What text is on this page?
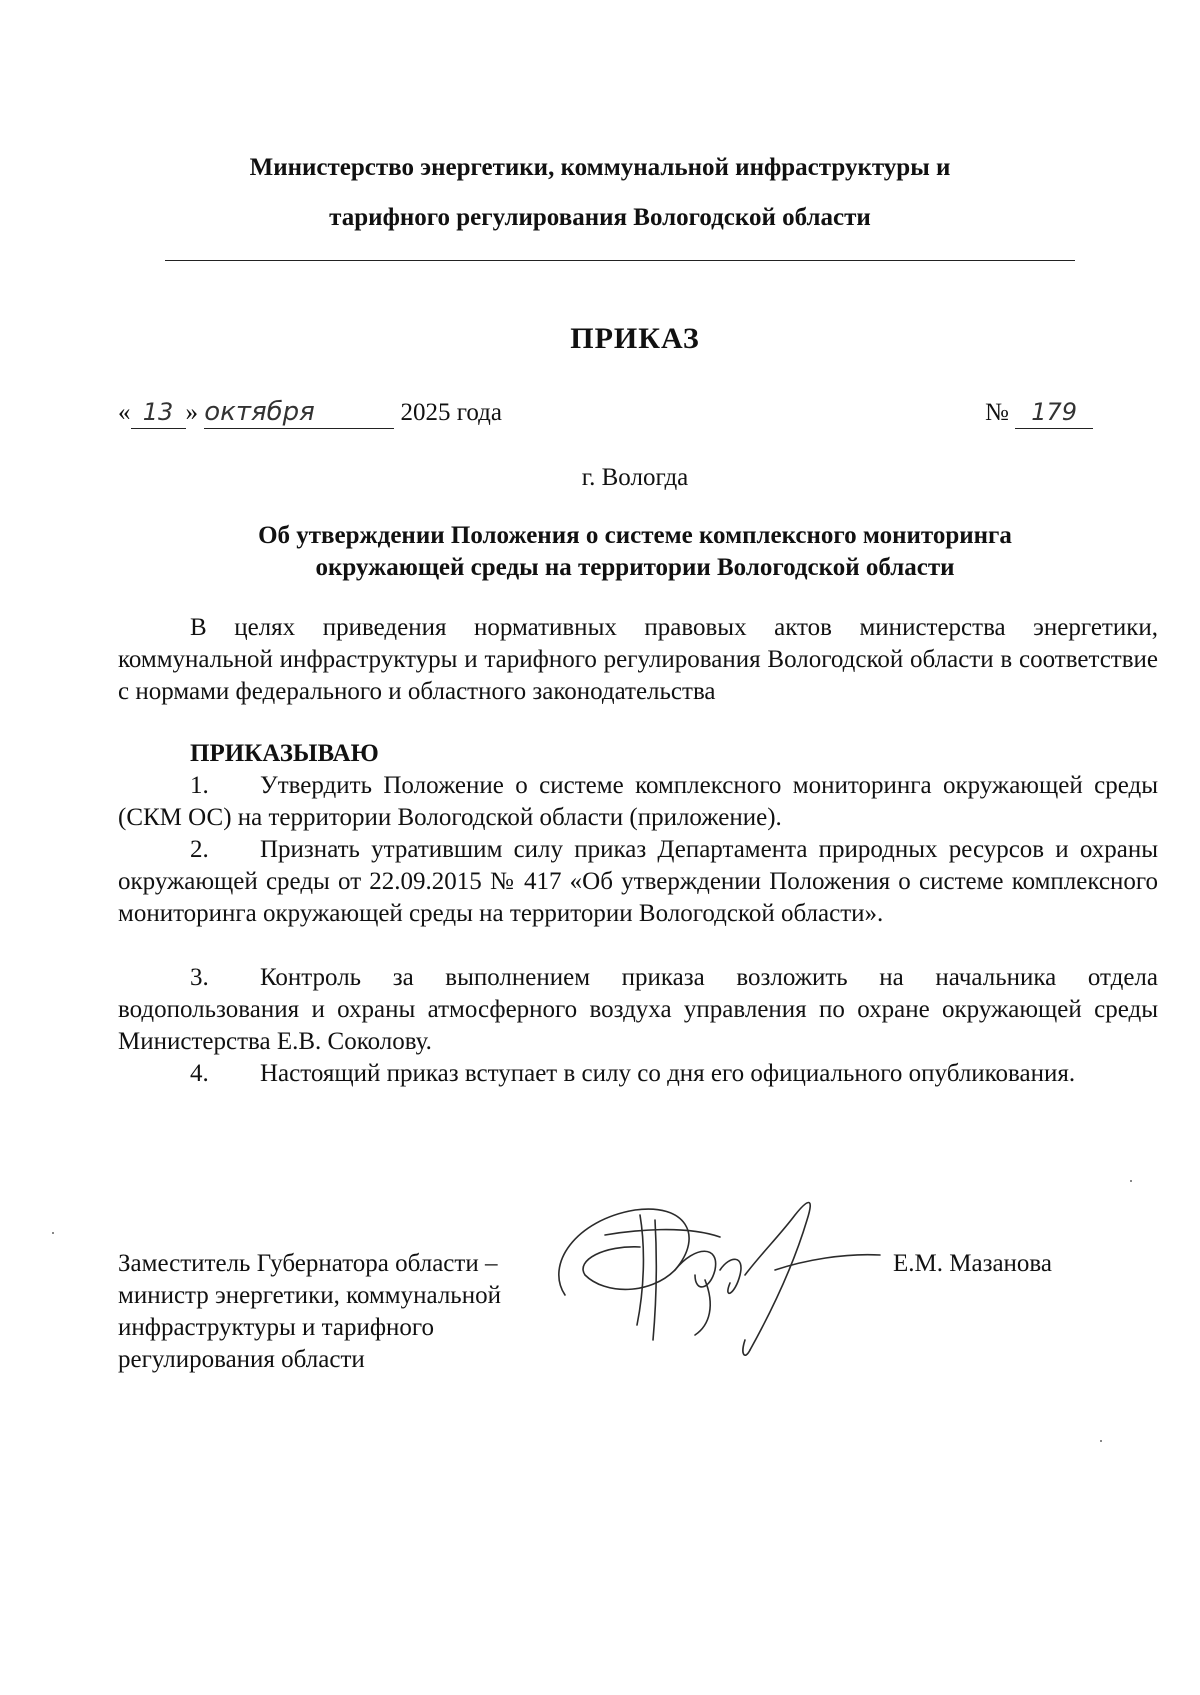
Министерство энергетики, коммунальной инфраструктуры и
тарифного регулирования Вологодской области
ПРИКАЗ
« 13 » октября	2025 года	№ 179
г. Вологда
Об утверждении Положения о системе комплексного мониторинга
окружающей среды на территории Вологодской области
В целях приведения нормативных правовых актов министерства энергетики, коммунальной инфраструктуры и тарифного регулирования Вологодской области в соответствие с нормами федерального и областного законодательства
ПРИКАЗЫВАЮ
1. Утвердить Положение о системе комплексного мониторинга окружающей среды (СКМ ОС) на территории Вологодской области (приложение).
2. Признать утратившим силу приказ Департамента природных ресурсов и охраны окружающей среды от 22.09.2015 № 417 «Об утверждении Положения о системе комплексного мониторинга окружающей среды на территории Вологодской области».
3. Контроль за выполнением приказа возложить на начальника отдела водопользования и охраны атмосферного воздуха управления по охране окружающей среды Министерства Е.В. Соколову.
4. Настоящий приказ вступает в силу со дня его официального опубликования.
Заместитель Губернатора области –
министр энергетики, коммунальной
инфраструктуры и тарифного
регулирования области
Е.М. Мазанова
